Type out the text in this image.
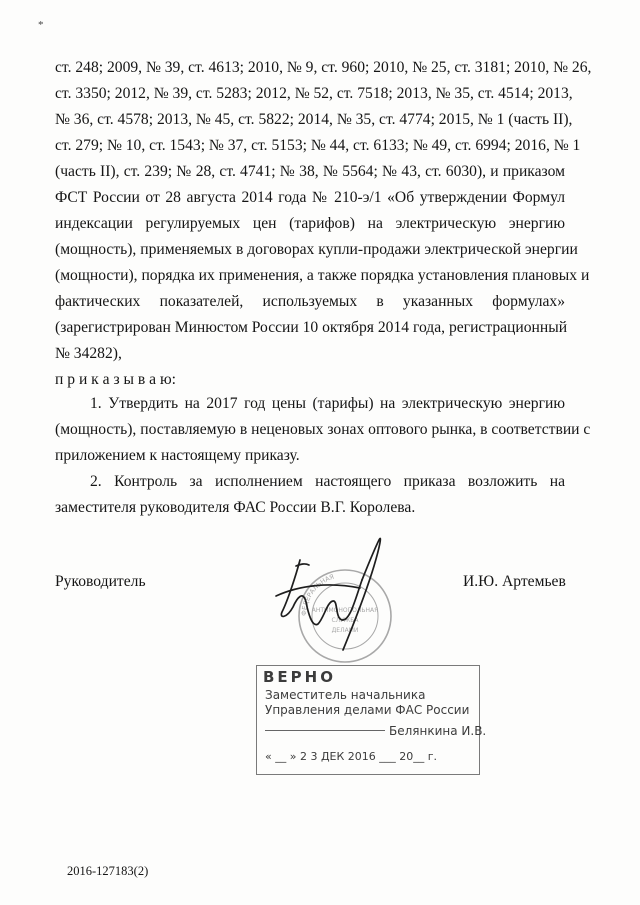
*
ст. 248; 2009, № 39, ст. 4613; 2010, № 9, ст. 960; 2010, № 25, ст. 3181; 2010, № 26,
ст. 3350; 2012, № 39, ст. 5283; 2012, № 52, ст. 7518; 2013, № 35, ст. 4514; 2013,
№ 36, ст. 4578; 2013, № 45, ст. 5822; 2014, № 35, ст. 4774; 2015, № 1 (часть II),
ст. 279; № 10, ст. 1543; № 37, ст. 5153; № 44, ст. 6133; № 49, ст. 6994; 2016, № 1
(часть II), ст. 239; № 28, ст. 4741; № 38, № 5564; № 43, ст. 6030), и приказом
ФСТ России от 28 августа 2014 года № 210-э/1 «Об утверждении Формул
индексации регулируемых цен (тарифов) на электрическую энергию
(мощность), применяемых в договорах купли-продажи электрической энергии
(мощности), порядка их применения, а также порядка установления плановых и
фактических показателей, используемых в указанных формулах»
(зарегистрирован Минюстом России 10 октября 2014 года, регистрационный
№ 34282),
п р и к а з ы в а ю:
1. Утвердить на 2017 год цены (тарифы) на электрическую энергию
(мощность), поставляемую в неценовых зонах оптового рынка, в соответствии с
приложением к настоящему приказу.
2. Контроль за исполнением настоящего приказа возложить на
заместителя руководителя ФАС России В.Г. Королева.
Руководитель	И.Ю. Артемьев
ФЕДЕРАЛЬНАЯ
АНТИМОНОПОЛЬНАЯ
СЛУЖБА
ДЕЛАМИ
ВЕРНО
Заместитель начальника
Управления делами ФАС России
Белянкина И.В.
« __ » 2 3 ДЕК 2016 ___ 20__ г.
2016-127183(2)
